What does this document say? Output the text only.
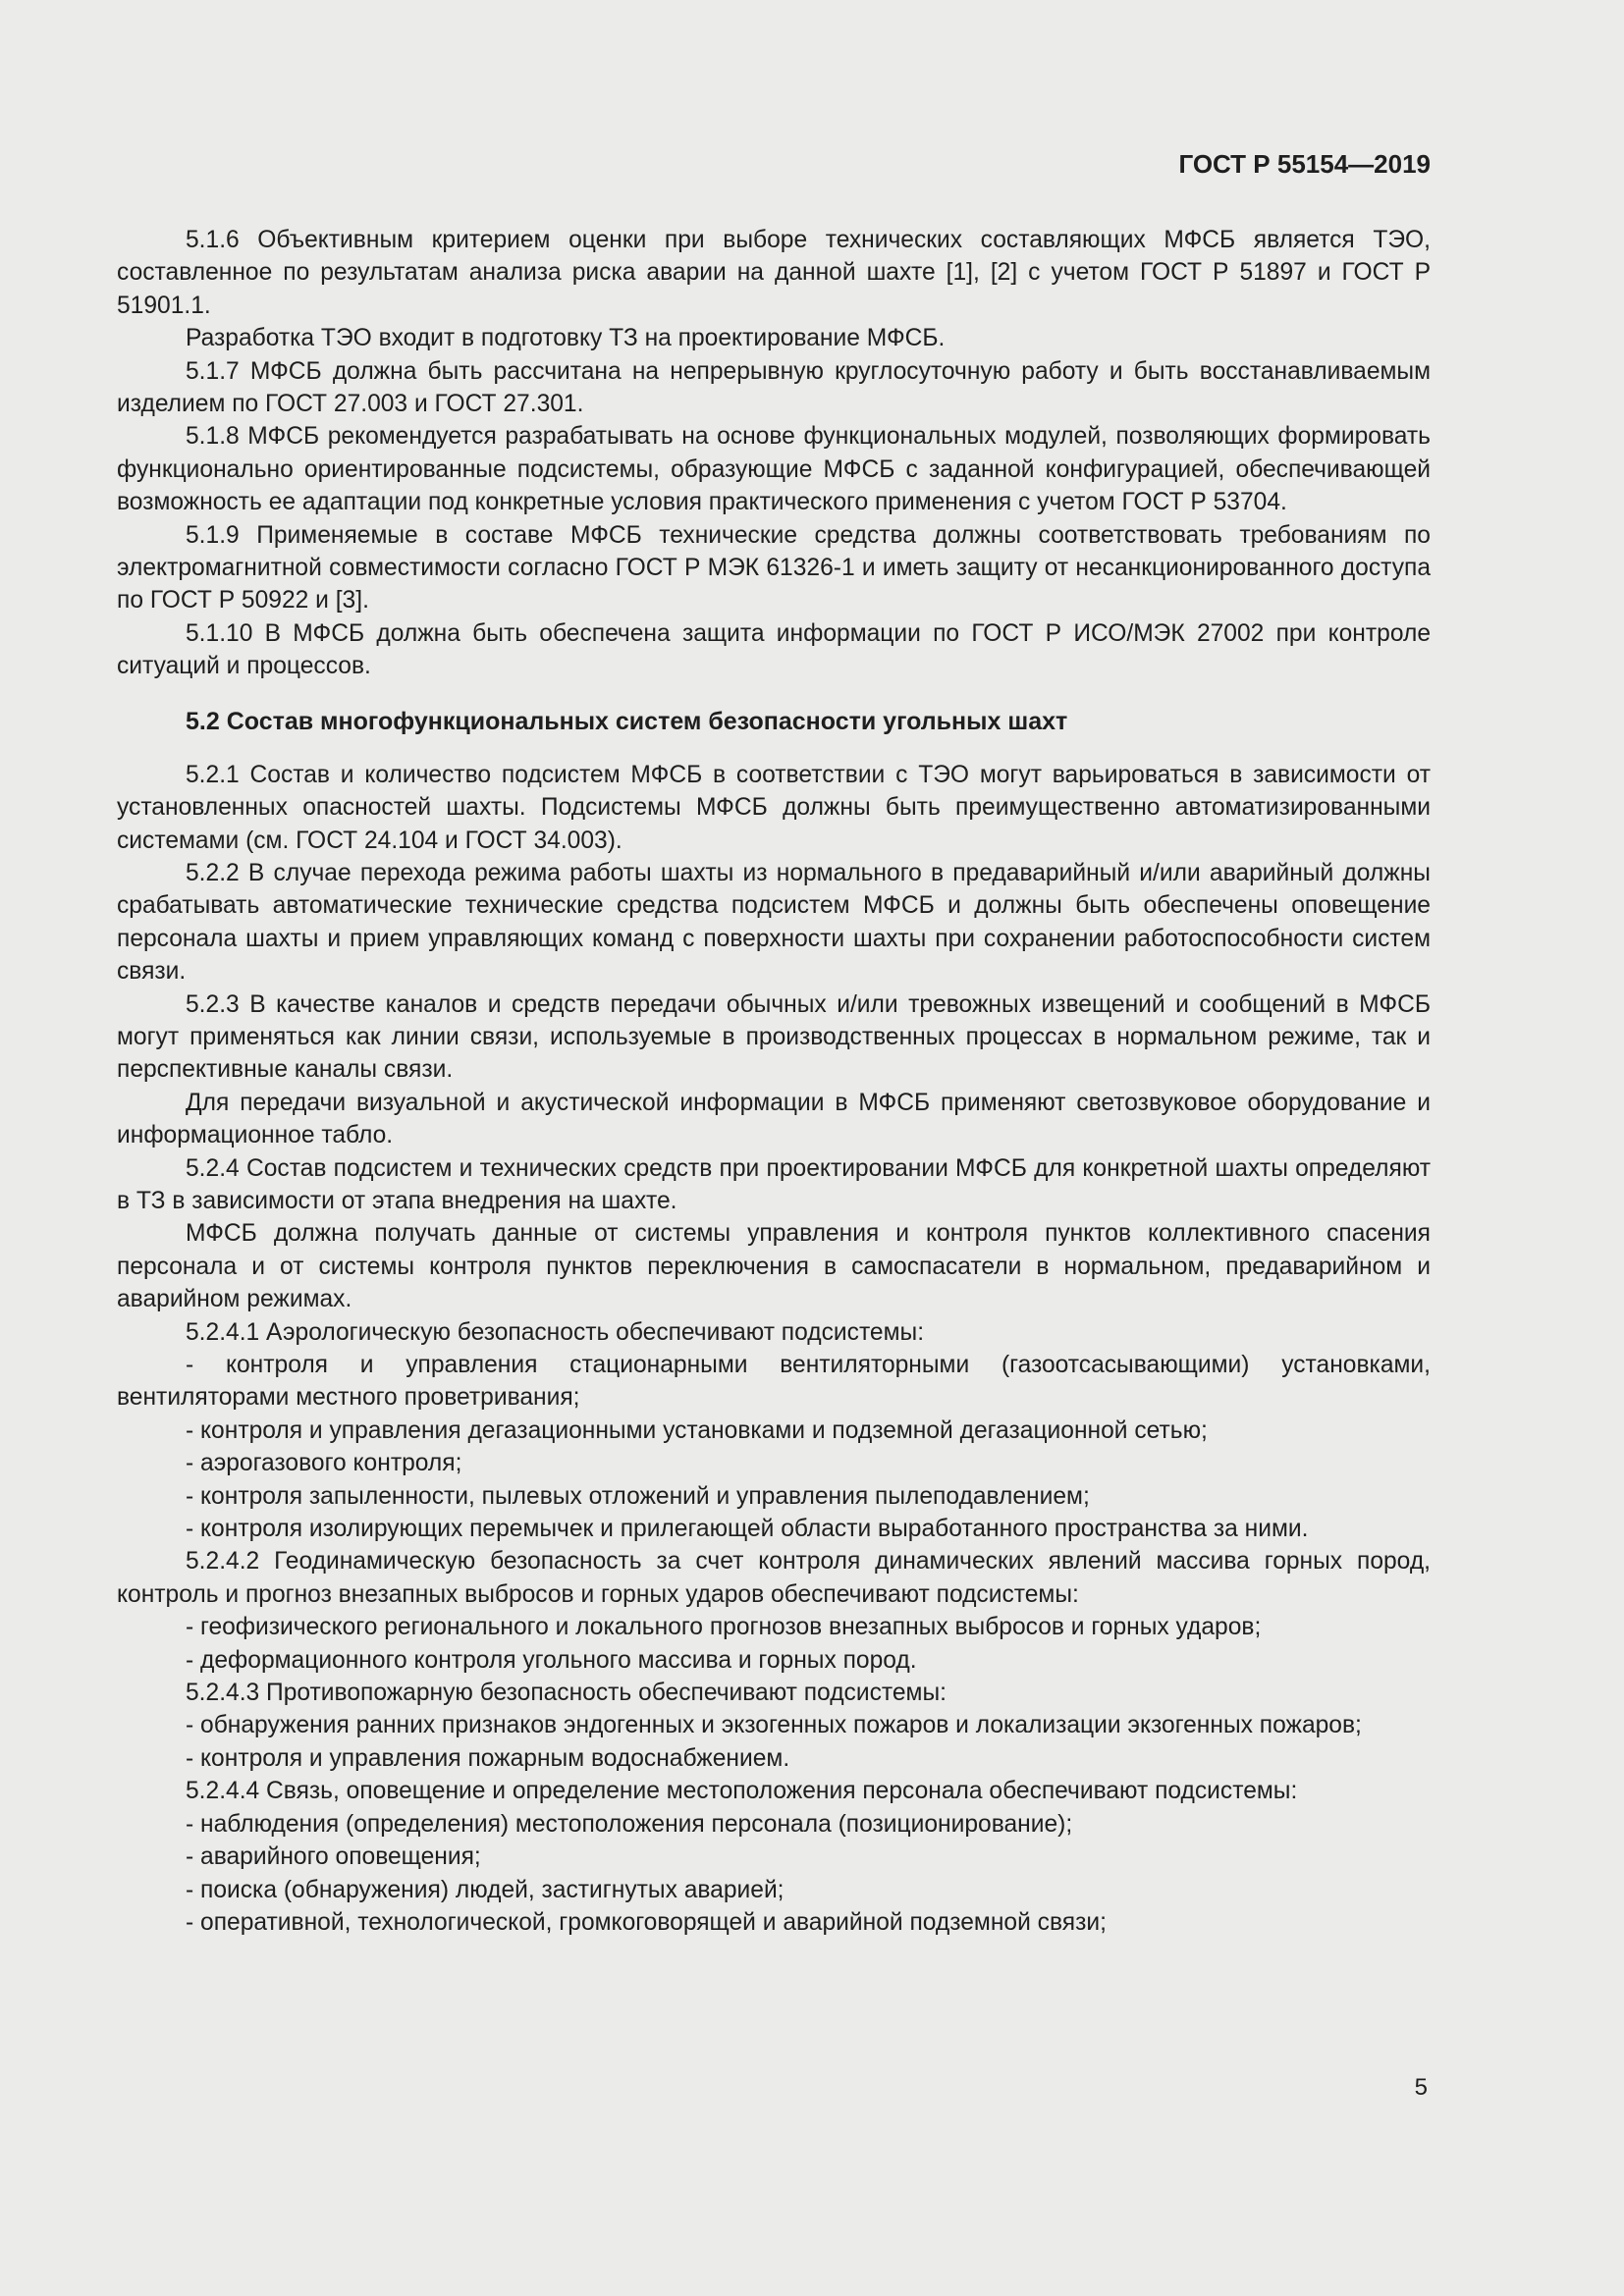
ГОСТ Р 55154—2019

5.1.6 Объективным критерием оценки при выборе технических составляющих МФСБ является ТЭО, составленное по результатам анализа риска аварии на данной шахте [1], [2] с учетом ГОСТ Р 51897 и ГОСТ Р 51901.1.

Разработка ТЭО входит в подготовку ТЗ на проектирование МФСБ.

5.1.7 МФСБ должна быть рассчитана на непрерывную круглосуточную работу и быть восстанавливаемым изделием по ГОСТ 27.003 и ГОСТ 27.301.

5.1.8 МФСБ рекомендуется разрабатывать на основе функциональных модулей, позволяющих формировать функционально ориентированные подсистемы, образующие МФСБ с заданной конфигурацией, обеспечивающей возможность ее адаптации под конкретные условия практического применения с учетом ГОСТ Р 53704.

5.1.9 Применяемые в составе МФСБ технические средства должны соответствовать требованиям по электромагнитной совместимости согласно ГОСТ Р МЭК 61326-1 и иметь защиту от несанкционированного доступа по ГОСТ Р 50922 и [3].

5.1.10 В МФСБ должна быть обеспечена защита информации по ГОСТ Р ИСО/МЭК 27002 при контроле ситуаций и процессов.

5.2 Состав многофункциональных систем безопасности угольных шахт

5.2.1 Состав и количество подсистем МФСБ в соответствии с ТЭО могут варьироваться в зависимости от установленных опасностей шахты. Подсистемы МФСБ должны быть преимущественно автоматизированными системами (см. ГОСТ 24.104 и ГОСТ 34.003).

5.2.2 В случае перехода режима работы шахты из нормального в предаварийный и/или аварийный должны срабатывать автоматические технические средства подсистем МФСБ и должны быть обеспечены оповещение персонала шахты и прием управляющих команд с поверхности шахты при сохранении работоспособности систем связи.

5.2.3 В качестве каналов и средств передачи обычных и/или тревожных извещений и сообщений в МФСБ могут применяться как линии связи, используемые в производственных процессах в нормальном режиме, так и перспективные каналы связи.

Для передачи визуальной и акустической информации в МФСБ применяют светозвуковое оборудование и информационное табло.

5.2.4 Состав подсистем и технических средств при проектировании МФСБ для конкретной шахты определяют в ТЗ в зависимости от этапа внедрения на шахте.

МФСБ должна получать данные от системы управления и контроля пунктов коллективного спасения персонала и от системы контроля пунктов переключения в самоспасатели в нормальном, предаварийном и аварийном режимах.

5.2.4.1 Аэрологическую безопасность обеспечивают подсистемы:

- контроля и управления стационарными вентиляторными (газоотсасывающими) установками, вентиляторами местного проветривания;

- контроля и управления дегазационными установками и подземной дегазационной сетью;

- аэрогазового контроля;

- контроля запыленности, пылевых отложений и управления пылеподавлением;

- контроля изолирующих перемычек и прилегающей области выработанного пространства за ними.

5.2.4.2 Геодинамическую безопасность за счет контроля динамических явлений массива горных пород, контроль и прогноз внезапных выбросов и горных ударов обеспечивают подсистемы:

- геофизического регионального и локального прогнозов внезапных выбросов и горных ударов;

- деформационного контроля угольного массива и горных пород.

5.2.4.3 Противопожарную безопасность обеспечивают подсистемы:

- обнаружения ранних признаков эндогенных и экзогенных пожаров и локализации экзогенных пожаров;

- контроля и управления пожарным водоснабжением.

5.2.4.4 Связь, оповещение и определение местоположения персонала обеспечивают подсистемы:

- наблюдения (определения) местоположения персонала (позиционирование);

- аварийного оповещения;

- поиска (обнаружения) людей, застигнутых аварией;

- оперативной, технологической, громкоговорящей и аварийной подземной связи;

5
